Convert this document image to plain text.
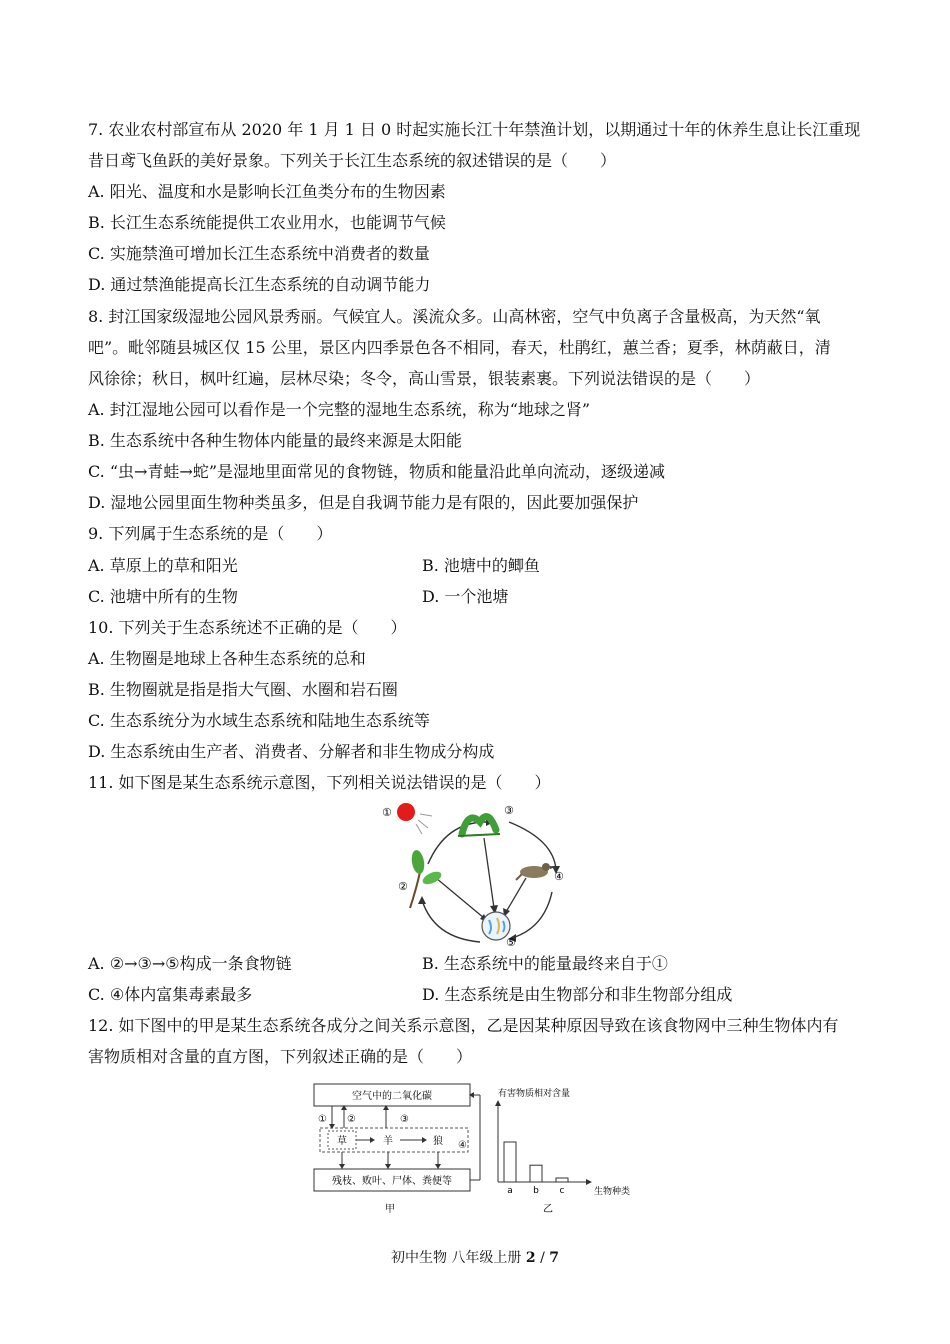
7. 农业农村部宣布从 2020 年 1 月 1 日 0 时起实施长江十年禁渔计划，以期通过十年的休养生息让长江重现
昔日鸢飞鱼跃的美好景象。下列关于长江生态系统的叙述错误的是（　　）
A. 阳光、温度和水是影响长江鱼类分布的生物因素
B. 长江生态系统能提供工农业用水，也能调节气候
C. 实施禁渔可增加长江生态系统中消费者的数量
D. 通过禁渔能提高长江生态系统的自动调节能力
8. 封江国家级湿地公园风景秀丽。气候宜人。溪流众多。山高林密，空气中负离子含量极高，为天然“氧
吧”。毗邻随县城区仅 15 公里，景区内四季景色各不相同，春天，杜鹃红，蕙兰香；夏季，林荫蔽日，清
风徐徐；秋日，枫叶红遍，层林尽染；冬令，高山雪景，银装素裹。下列说法错误的是（　　）
A. 封江湿地公园可以看作是一个完整的湿地生态系统，称为“地球之肾”
B. 生态系统中各种生物体内能量的最终来源是太阳能
C. “虫→青蛙→蛇”是湿地里面常见的食物链，物质和能量沿此单向流动，逐级递减
D. 湿地公园里面生物种类虽多，但是自我调节能力是有限的，因此要加强保护
9. 下列属于生态系统的是（　　）
A. 草原上的草和阳光	B. 池塘中的鲫鱼
C. 池塘中所有的生物	D. 一个池塘
10. 下列关于生态系统述不正确的是（　　）
A. 生物圈是地球上各种生态系统的总和
B. 生物圈就是指是指大气圈、水圈和岩石圈
C. 生态系统分为水域生态系统和陆地生态系统等
D. 生态系统由生产者、消费者、分解者和非生物成分构成
11. 如下图是某生态系统示意图，下列相关说法错误的是（　　）
①
②
③
④
⑤
A. ②→③→⑤构成一条食物链	B. 生态系统中的能量最终来自于①
C. ④体内富集毒素最多	D. 生态系统是由生物部分和非生物部分组成
12. 如下图中的甲是某生态系统各成分之间关系示意图，乙是因某种原因导致在该食物网中三种生物体内有
害物质相对含量的直方图，下列叙述正确的是（　　）
空气中的二氧化碳
草	羊	狼
① ②	③
④
残枝、败叶、尸体、粪便等
甲
有害物质相对含量
a b c	生物种类
乙
初中生物 八年级上册 2 / 7
